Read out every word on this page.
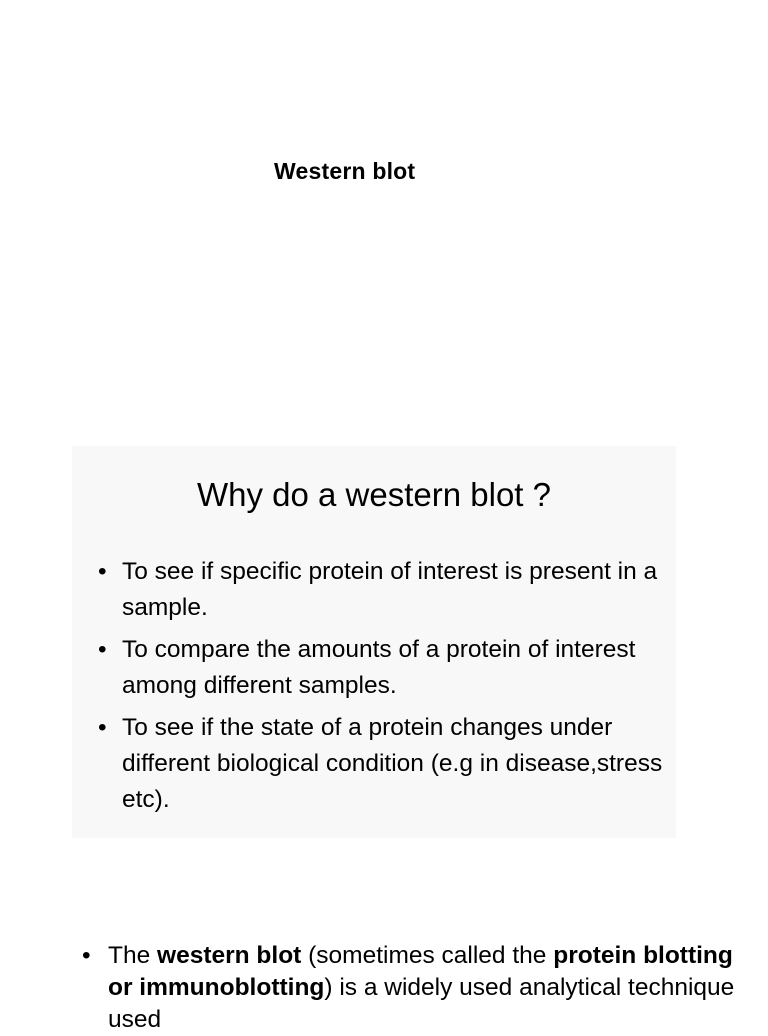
Western blot
Why do a western blot ?
• To see if specific protein of interest is present in a sample.
• To compare the amounts of a protein of interest among different samples.
• To see if the state of a protein changes under different biological condition (e.g in disease,stress etc).
• The western blot (sometimes called the protein blotting or immunoblotting) is a widely used analytical technique used
